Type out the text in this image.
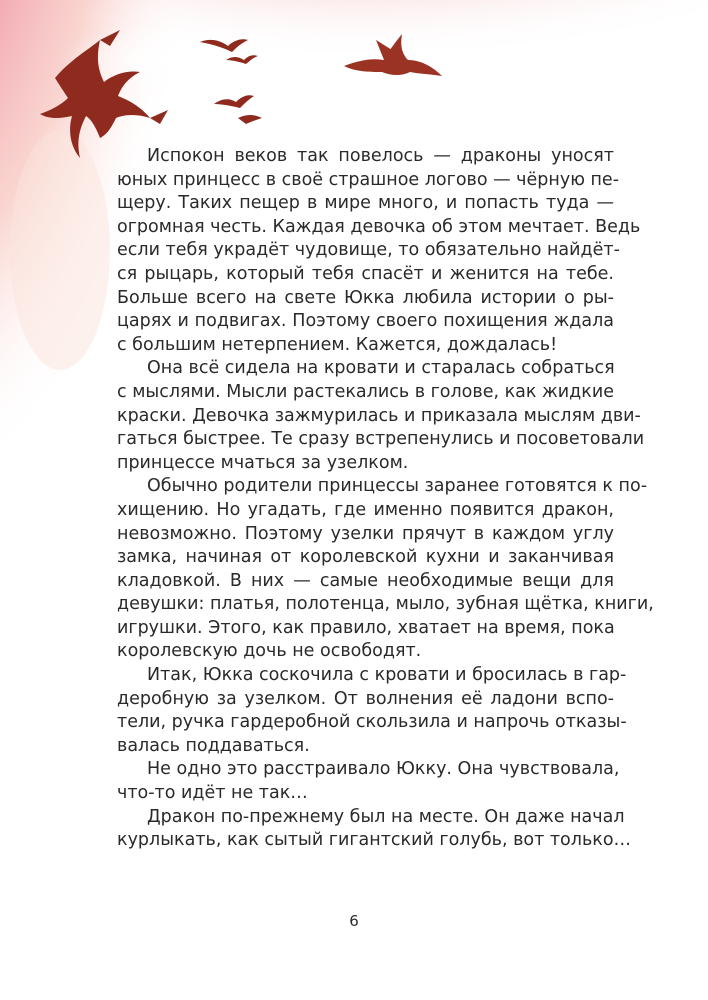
Испокон веков так повелось — драконы уносят
юных принцесс в своё страшное логово — чёрную пе-
щеру. Таких пещер в мире много, и попасть туда —
огромная честь. Каждая девочка об этом мечтает. Ведь
если тебя украдёт чудовище, то обязательно найдёт-
ся рыцарь, который тебя спасёт и женится на тебе.
Больше всего на свете Юкка любила истории о ры-
царях и подвигах. Поэтому своего похищения ждала
с большим нетерпением. Кажется, дождалась!
Она всё сидела на кровати и старалась собраться
с мыслями. Мысли растекались в голове, как жидкие
краски. Девочка зажмурилась и приказала мыслям дви-
гаться быстрее. Те сразу встрепенулись и посоветовали
принцессе мчаться за узелком.
Обычно родители принцессы заранее готовятся к по-
хищению. Но угадать, где именно появится дракон,
невозможно. Поэтому узелки прячут в каждом углу
замка, начиная от королевской кухни и заканчивая
кладовкой. В них — самые необходимые вещи для
девушки: платья, полотенца, мыло, зубная щётка, книги,
игрушки. Этого, как правило, хватает на время, пока
королевскую дочь не освободят.
Итак, Юкка соскочила с кровати и бросилась в гар-
деробную за узелком. От волнения её ладони вспо-
тели, ручка гардеробной скользила и напрочь отказы-
валась поддаваться.
Не одно это расстраивало Юкку. Она чувствовала,
что-то идёт не так…
Дракон по-прежнему был на месте. Он даже начал
курлыкать, как сытый гигантский голубь, вот только…
6
